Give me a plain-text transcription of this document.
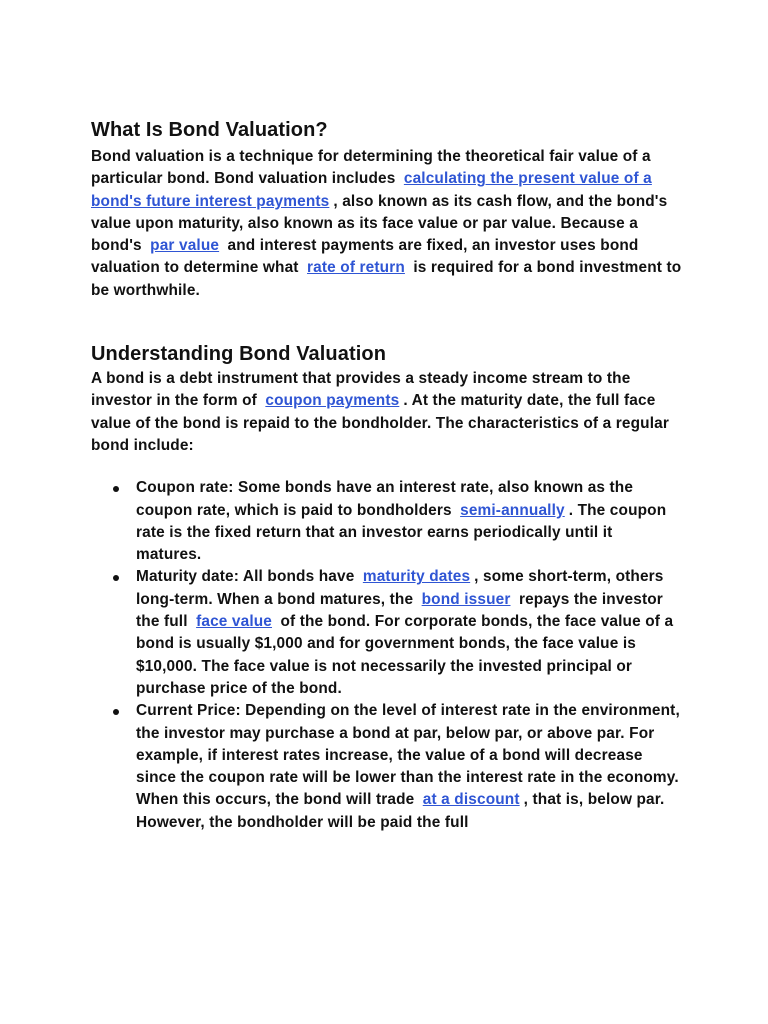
What Is Bond Valuation?

Bond valuation is a technique for determining the theoretical fair value of a particular bond. Bond valuation includes calculating the present value of a bond's future interest payments , also known as its cash flow, and the bond's value upon maturity, also known as its face value or par value. Because a bond's par value and interest payments are fixed, an investor uses bond valuation to determine what rate of return is required for a bond investment to be worthwhile.

Understanding Bond Valuation

A bond is a debt instrument that provides a steady income stream to the investor in the form of coupon payments . At the maturity date, the full face value of the bond is repaid to the bondholder. The characteristics of a regular bond include:

Coupon rate: Some bonds have an interest rate, also known as the coupon rate, which is paid to bondholders semi-annually . The coupon rate is the fixed return that an investor earns periodically until it matures.
Maturity date: All bonds have maturity dates , some short-term, others long-term. When a bond matures, the bond issuer repays the investor the full face value of the bond. For corporate bonds, the face value of a bond is usually $1,000 and for government bonds, the face value is $10,000. The face value is not necessarily the invested principal or purchase price of the bond.
Current Price: Depending on the level of interest rate in the environment, the investor may purchase a bond at par, below par, or above par. For example, if interest rates increase, the value of a bond will decrease since the coupon rate will be lower than the interest rate in the economy. When this occurs, the bond will trade at a discount , that is, below par. However, the bondholder will be paid the full
